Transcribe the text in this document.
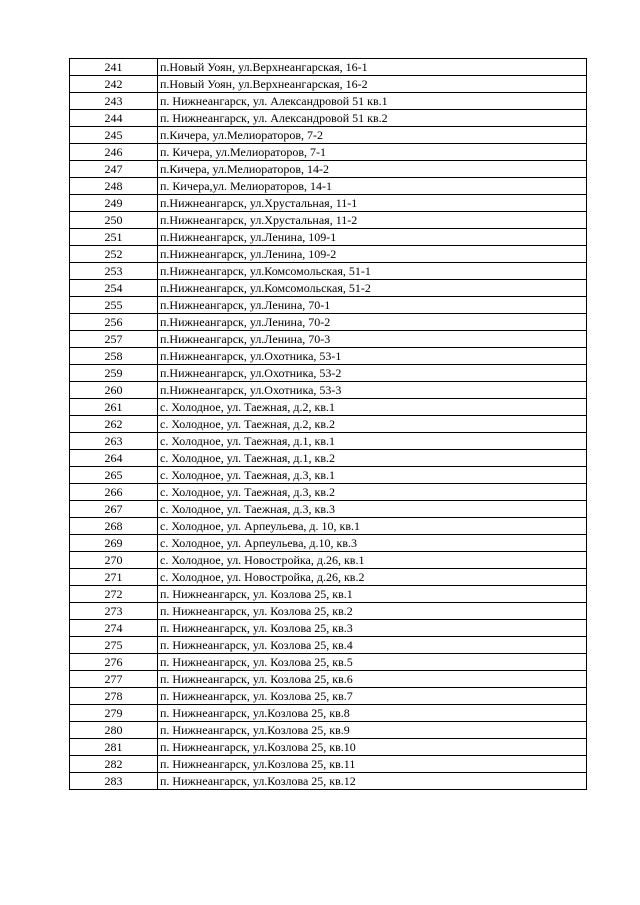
241	п.Новый Уоян, ул.Верхнеангарская, 16-1
242	п.Новый Уоян, ул.Верхнеангарская, 16-2
243	п. Нижнеангарск, ул. Александровой 51 кв.1
244	п. Нижнеангарск, ул. Александровой 51 кв.2
245	п.Кичера, ул.Мелиораторов, 7-2
246	п. Кичера, ул.Мелиораторов, 7-1
247	п.Кичера, ул.Мелиораторов, 14-2
248	п. Кичера,ул. Мелиораторов, 14-1
249	п.Нижнеангарск, ул.Хрустальная, 11-1
250	п.Нижнеангарск, ул.Хрустальная, 11-2
251	п.Нижнеангарск, ул.Ленина, 109-1
252	п.Нижнеангарск, ул.Ленина, 109-2
253	п.Нижнеангарск, ул.Комсомольская, 51-1
254	п.Нижнеангарск, ул.Комсомольская, 51-2
255	п.Нижнеангарск, ул.Ленина, 70-1
256	п.Нижнеангарск, ул.Ленина, 70-2
257	п.Нижнеангарск, ул.Ленина, 70-3
258	п.Нижнеангарск, ул.Охотника, 53-1
259	п.Нижнеангарск, ул.Охотника, 53-2
260	п.Нижнеангарск, ул.Охотника, 53-3
261	с. Холодное, ул. Таежная, д.2, кв.1
262	с. Холодное, ул. Таежная, д.2, кв.2
263	с. Холодное, ул. Таежная, д.1, кв.1
264	с. Холодное, ул. Таежная, д.1, кв.2
265	с. Холодное, ул. Таежная, д.3, кв.1
266	с. Холодное, ул. Таежная, д.3, кв.2
267	с. Холодное, ул. Таежная, д.3, кв.3
268	с. Холодное, ул. Арпеульева, д. 10, кв.1
269	с. Холодное, ул. Арпеульева, д.10, кв.3
270	с. Холодное, ул. Новостройка, д.26, кв.1
271	с. Холодное, ул. Новостройка, д.26, кв.2
272	п. Нижнеангарск, ул. Козлова 25, кв.1
273	п. Нижнеангарск, ул. Козлова 25, кв.2
274	п. Нижнеангарск, ул. Козлова 25, кв.3
275	п. Нижнеангарск, ул. Козлова 25, кв.4
276	п. Нижнеангарск, ул. Козлова 25, кв.5
277	п. Нижнеангарск, ул. Козлова 25, кв.6
278	п. Нижнеангарск, ул. Козлова 25, кв.7
279	п. Нижнеангарск, ул.Козлова 25, кв.8
280	п. Нижнеангарск, ул.Козлова 25, кв.9
281	п. Нижнеангарск, ул.Козлова 25, кв.10
282	п. Нижнеангарск, ул.Козлова 25, кв.11
283	п. Нижнеангарск, ул.Козлова 25, кв.12
